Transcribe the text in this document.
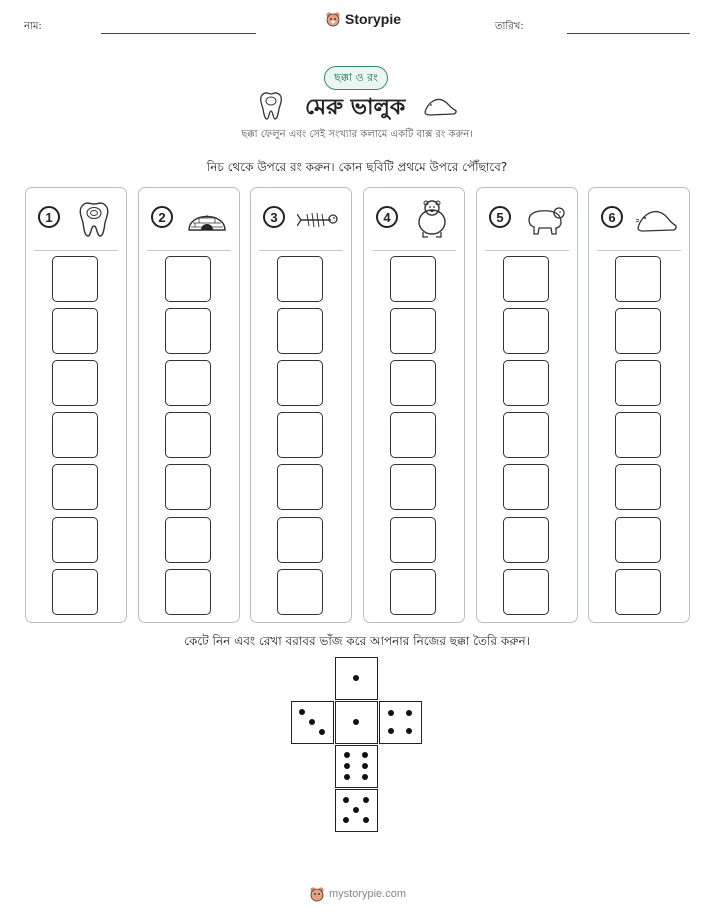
নাম:	Storypie	তারিখ:
ছক্কা ও রং
মেরু ভালুক
ছক্কা ফেলুন এবং সেই সংখ্যার কলামে একটি বাক্স রং করুন।
নিচ থেকে উপরে রং করুন। কোন ছবিটি প্রথমে উপরে পৌঁছাবে?
1	2	3	4	5	6
কেটে নিন এবং রেখা বরাবর ভাঁজ করে আপনার নিজের ছক্কা তৈরি করুন।
mystorypie.com
